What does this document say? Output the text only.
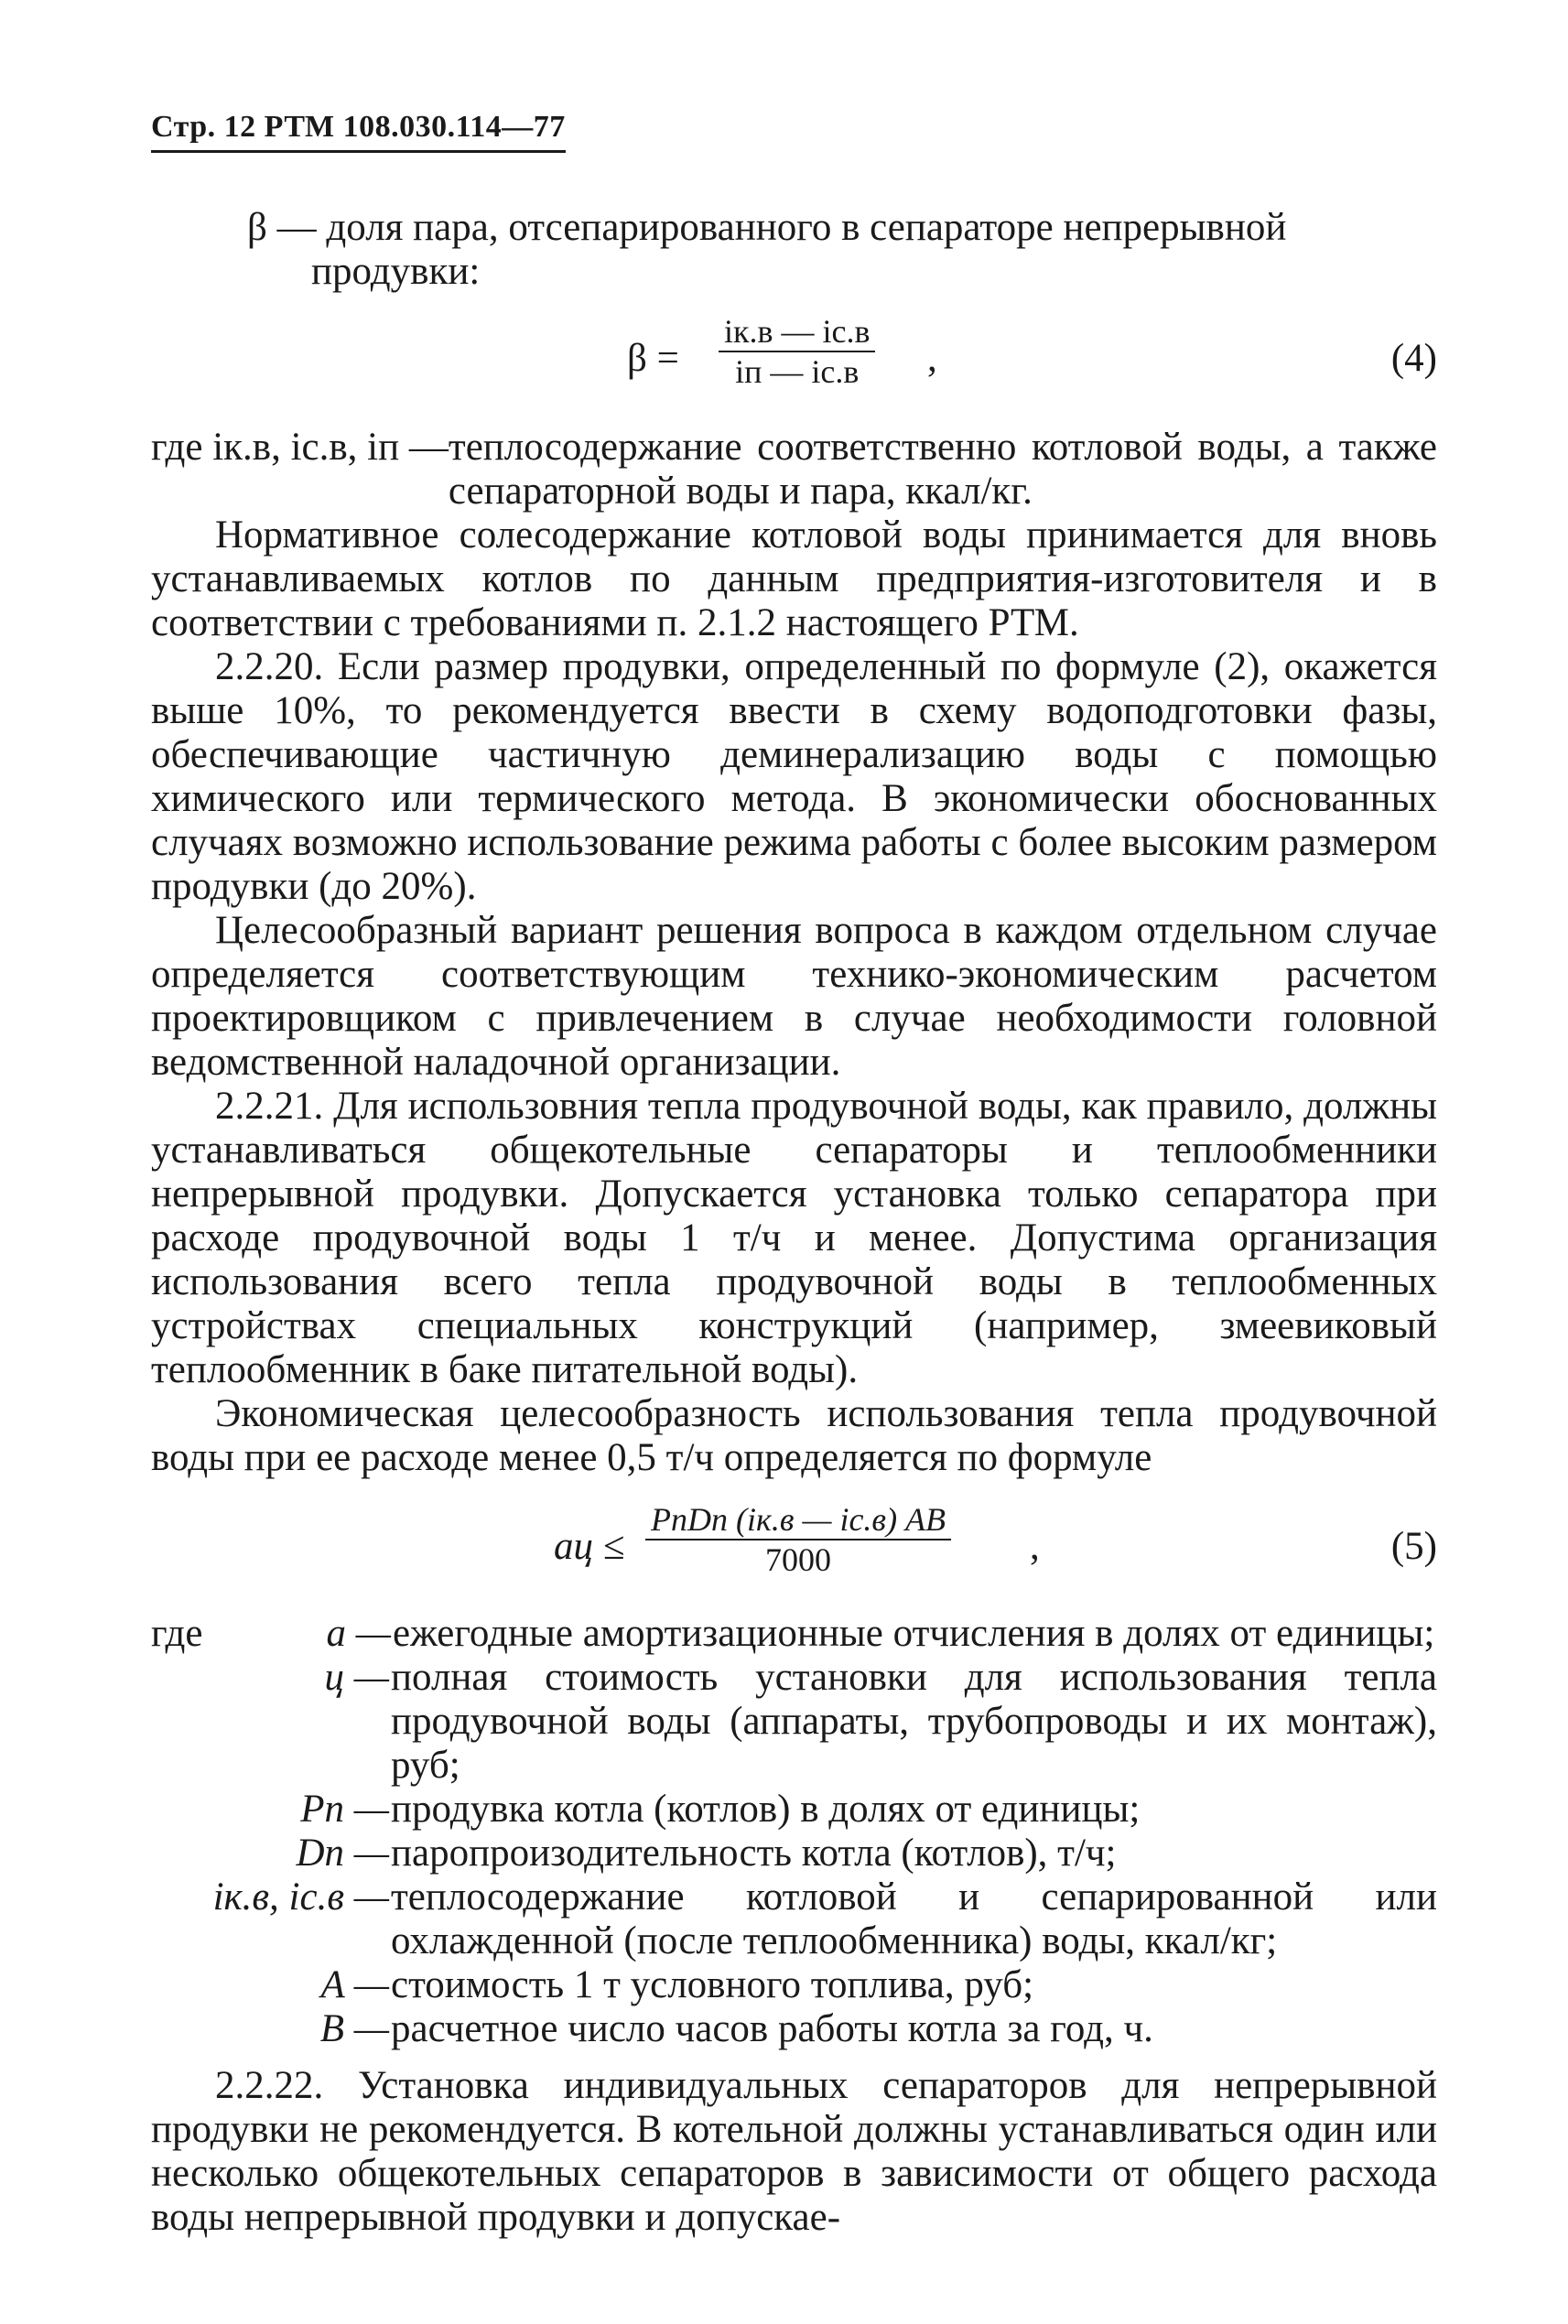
Стр. 12 РТМ 108.030.114—77
β — доля пара, отсепарированного в сепараторе непрерывной
продувки:
β =
iк.в — iс.в
iп — iс.в	,	(4)
где iк.в, iс.в, iп — теплосодержание соответственно котловой воды, а также сепараторной воды и пара, ккал/кг.

Нормативное солесодержание котловой воды принимается для вновь устанавливаемых котлов по данным предприятия-изготовителя и в соответствии с требованиями п. 2.1.2 настоящего РТМ.

2.2.20. Если размер продувки, определенный по формуле (2), окажется выше 10%, то рекомендуется ввести в схему водоподготовки фазы, обеспечивающие частичную деминерализацию воды с помощью химического или термического метода. В экономически обоснованных случаях возможно использование режима работы с более высоким размером продувки (до 20%).

Целесообразный вариант решения вопроса в каждом отдельном случае определяется соответствующим технико-экономическим расчетом проектировщиком с привлечением в случае необходимости головной ведомственной наладочной организации.

2.2.21. Для использовния тепла продувочной воды, как правило, должны устанавливаться общекотельные сепараторы и теплообменники непрерывной продувки. Допускается установка только сепаратора при расходе продувочной воды 1 т/ч и менее. Допустима организация использования всего тепла продувочной воды в теплообменных устройствах специальных конструкций (например, змеевиковый теплообменник в баке питательной воды).

Экономическая целесообразность использования тепла продувочной воды при ее расходе менее 0,5 т/ч определяется по формуле

aц ≤
PпDп (iк.в — iс.в) AB
7000	,	(5)
где	a — ежегодные амортизационные отчисления в долях от единицы;
ц — полная стоимость установки для использования тепла продувочной воды (аппараты, трубопроводы и их монтаж), руб;
Pп — продувка котла (котлов) в долях от единицы;
Dп — паропроизодительность котла (котлов), т/ч;
iк.в, iс.в — теплосодержание котловой и сепарированной или охлажденной (после теплообменника) воды, ккал/кг;
A — стоимость 1 т условного топлива, руб;
B — расчетное число часов работы котла за год, ч.

2.2.22. Установка индивидуальных сепараторов для непрерывной продувки не рекомендуется. В котельной должны устанавливаться один или несколько общекотельных сепараторов в зависимости от общего расхода воды непрерывной продувки и допускае-
